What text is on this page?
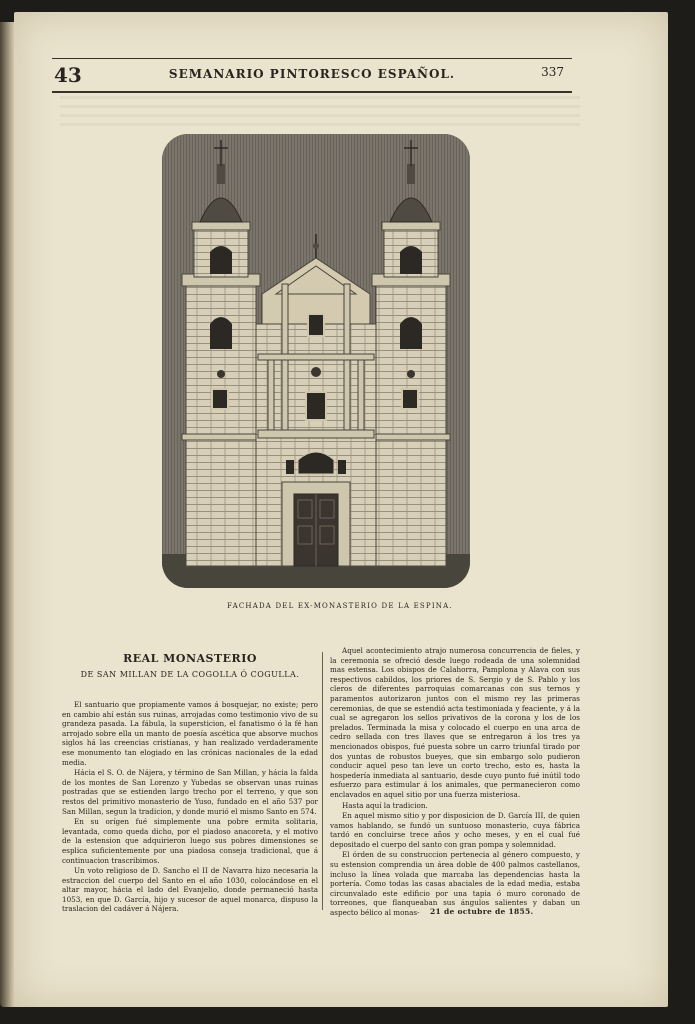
43	SEMANARIO PINTORESCO ESPAÑOL.	337
FACHADA DEL EX-MONASTERIO DE LA ESPINA.
REAL MONASTERIO
DE SAN MILLAN DE LA COGOLLA Ó COGULLA.

El santuario que propiamente vamos á bosquejar, no existe; pero en cambio ahí están sus ruinas, arrojadas como testimonio vivo de su grandeza pasada. La fábula, la supersticion, el fanatismo ó la fé han arrojado sobre ella un manto de poesía ascética que absorve muchos siglos há las creencias cristianas, y han realizado verdaderamente ese monumento tan elogiado en las crónicas nacionales de la edad media.

Hácia el S. O. de Nájera, y término de San Millan, y hácia la falda de los montes de San Lorenzo y Yubedas se observan unas ruinas postradas que se estienden largo trecho por el terreno, y que son restos del primitivo monasterio de Yuso, fundado en el año 537 por San Millan, segun la tradicion, y donde murió el mismo Santo en 574.

En su orígen fué simplemente una pobre ermita solitaria, levantada, como queda dicho, por el piadoso anacoreta, y el motivo de la estension que adquirieron luego sus pobres dimensiones se esplica suficientemente por una piadosa conseja tradicional, que á continuacion trascribimos.

Un voto religioso de D. Sancho el II de Navarra hizo necesaria la estraccion del cuerpo del Santo en el año 1030, colocándose en el altar mayor, hácia el lado del Evanjelio, donde permaneció hasta 1053, en que D. García, hijo y sucesor de aquel monarca, dispuso la traslacion del cadáver á Nájera.

Aquel acontecimiento atrajo numerosa concurrencia de fieles, y la ceremonia se ofreció desde luego rodeada de una solemnidad mas estensa. Los obispos de Calahorra, Pamplona y Alava con sus respectivos cabildos, los priores de S. Sergio y de S. Pablo y los cleros de diferentes parroquias comarcanas con sus ternos y paramentos autorizaron juntos con el mismo rey las primeras ceremonias, de que se estendió acta testimoniada y feaciente, y á la cual se agregaron los sellos privativos de la corona y los de los prelados. Terminada la misa y colocado el cuerpo en una arca de cedro sellada con tres llaves que se entregaron á los tres ya mencionados obispos, fué puesta sobre un carro triunfal tirado por dos yuntas de robustos bueyes, que sin embargo solo pudieron conducir aquel peso tan leve un corto trecho, esto es, hasta la hospedería inmediata al santuario, desde cuyo punto fué inútil todo esfuerzo para estimular á los animales, que permanecieron como enclavados en aquel sitio por una fuerza misteriosa.

Hasta aquí la tradicion.

En aquel mismo sitio y por disposicion de D. García III, de quien vamos hablando, se fundó un suntuoso monasterio, cuya fábrica tardó en concluirse trece años y ocho meses, y en el cual fué depositado el cuerpo del santo con gran pompa y solemnidad.

El órden de su construccion pertenecia al género compuesto, y su estension comprendia un área doble de 400 palmos castellanos, incluso la línea volada que marcaba las dependencias hasta la portería. Como todas las casas abaciales de la edad media, estaba circunvalado este edificio por una tapia ó muro coronado de torreones, que flanqueaban sus ángulos salientes y daban un aspecto bélico al monas-	21 de octubre de 1855.
